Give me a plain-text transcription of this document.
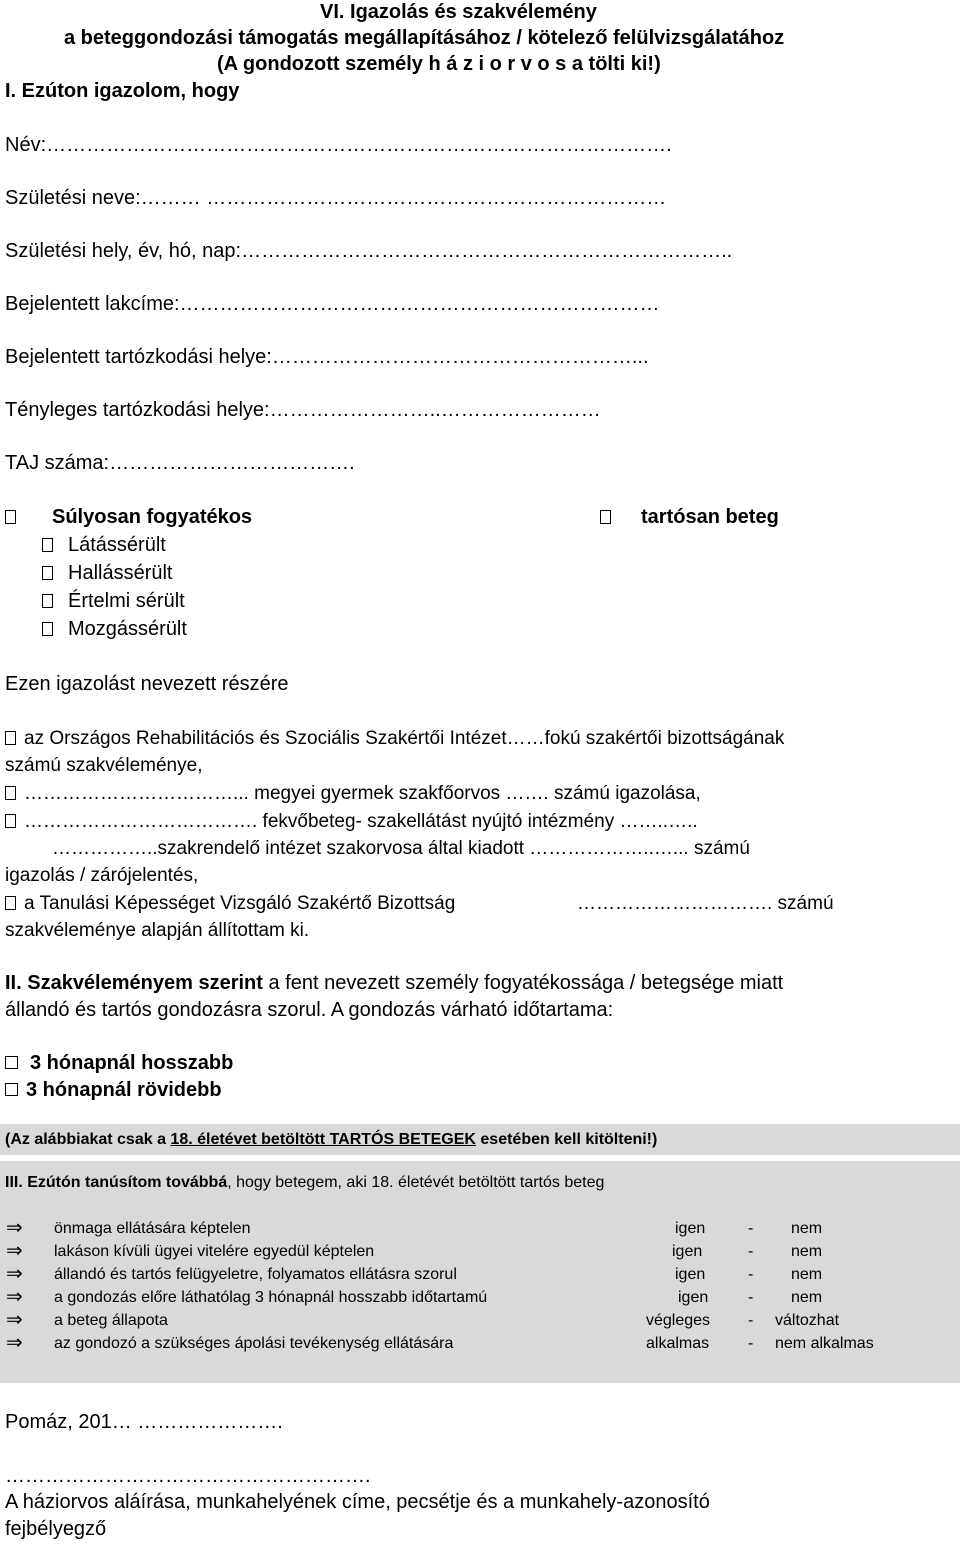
VI. Igazolás és szakvélemény
a beteggondozási támogatás megállapításához / kötelező felülvizsgálatához
(A gondozott személy h á z i o r v o s a tölti ki!)
I. Ezúton igazolom, hogy
Név:………………………………………………………………………………….
Születési neve:……… ……………………………………………………………
Születési hely, év, hó, nap:………………………………………………………………..
Bejelentett lakcíme:………………………………………………………………
Bejelentett tartózkodási helye:………………………………………………...
Tényleges tartózkodási helye:……………………..……………………
TAJ száma:……………………………….
Súlyosan fogyatékos	tartósan beteg
Látássérült
Hallássérült
Értelmi sérült
Mozgássérült
Ezen igazolást nevezett részére
az Országos Rehabilitációs és Szociális Szakértői Intézet……fokú szakértői bizottságának
számú szakvéleménye,
……………………………... megyei gyermek szakfőorvos ……. számú igazolása,
………………………………. fekvőbeteg- szakellátást nyújtó intézmény ……..…..
……………..szakrendelő intézet szakorvosa által kiadott ………………..…... számú
igazolás / zárójelentés,
a Tanulási Képességet Vizsgáló Szakértő Bizottság	…………………………. számú
szakvéleménye alapján állítottam ki.
II. Szakvéleményem szerint a fent nevezett személy fogyatékossága / betegsége miatt
állandó és tartós gondozásra szorul. A gondozás várható időtartama:
3 hónapnál hosszabb
3 hónapnál rövidebb
(Az alábbiakat csak a 18. életévet betöltött TARTÓS BETEGEK esetében kell kitölteni!)
III. Ezútón tanúsítom továbbá, hogy betegem, aki 18. életévét betöltött tartós beteg
⇒ önmaga ellátására képtelen	igen	- nem
⇒ lakáson kívüli ügyei vitelére egyedül képtelen	igen	- nem
⇒ állandó és tartós felügyeletre, folyamatos ellátásra szorul	igen	- nem
⇒ a gondozás előre láthatólag 3 hónapnál hosszabb időtartamú	igen - nem
⇒ a beteg állapota	végleges - változhat
⇒ az gondozó a szükséges ápolási tevékenység ellátására	alkalmas - nem alkalmas
Pomáz, 201… ………………….
……………………………………………….
A háziorvos aláírása, munkahelyének címe, pecsétje és a munkahely-azonosító
fejbélyegző
